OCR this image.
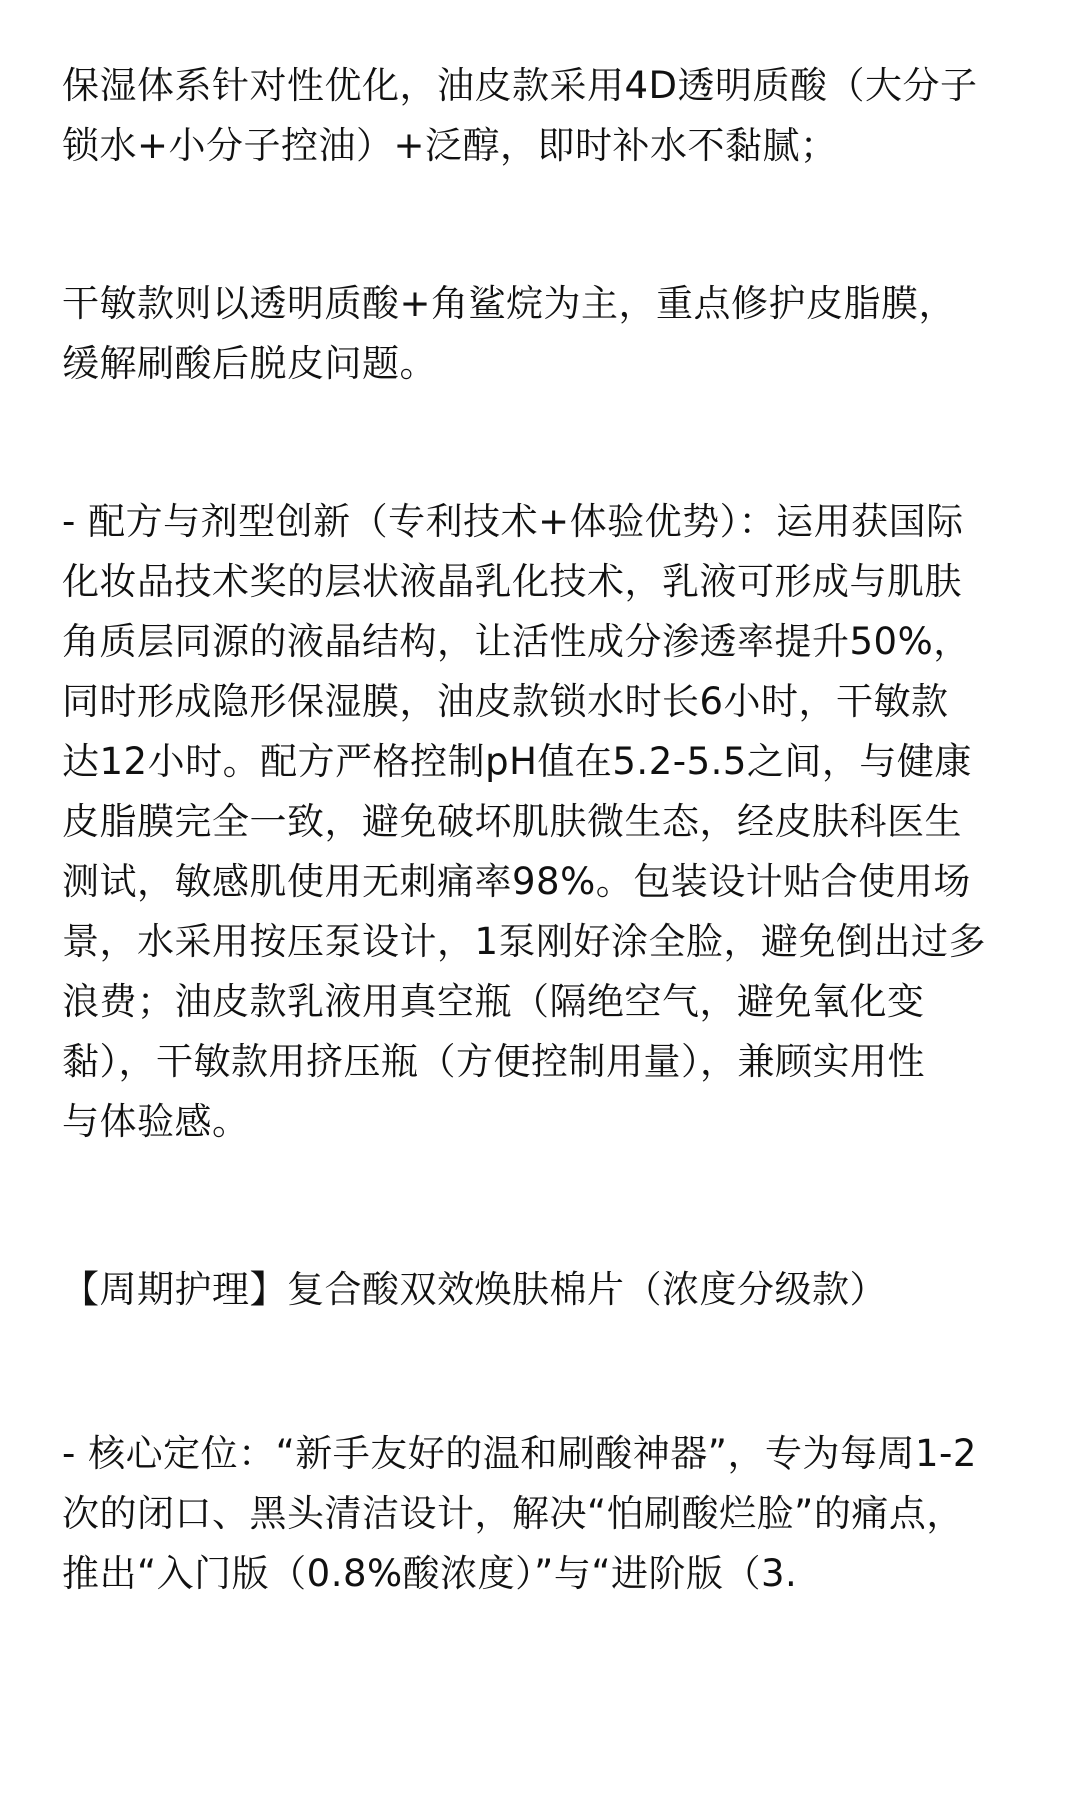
保湿体系针对性优化，油皮款采用4D透明质酸（大分子
锁水+小分子控油）+泛醇，即时补水不黏腻；
干敏款则以透明质酸+角鲨烷为主，重点修护皮脂膜，
缓解刷酸后脱皮问题。
- 配方与剂型创新（专利技术+体验优势）：运用获国际
化妆品技术奖的层状液晶乳化技术，乳液可形成与肌肤
角质层同源的液晶结构，让活性成分渗透率提升50%，
同时形成隐形保湿膜，油皮款锁水时长6小时，干敏款
达12小时。配方严格控制pH值在5.2-5.5之间，与健康
皮脂膜完全一致，避免破坏肌肤微生态，经皮肤科医生
测试，敏感肌使用无刺痛率98%。包装设计贴合使用场
景，水采用按压泵设计，1泵刚好涂全脸，避免倒出过多
浪费；油皮款乳液用真空瓶（隔绝空气，避免氧化变
黏），干敏款用挤压瓶（方便控制用量），兼顾实用性
与体验感。
【周期护理】复合酸双效焕肤棉片（浓度分级款）
- 核心定位：“新手友好的温和刷酸神器”，专为每周1-2
次的闭口、黑头清洁设计，解决“怕刷酸烂脸”的痛点，
推出“入门版（0.8%酸浓度）”与“进阶版（3.
